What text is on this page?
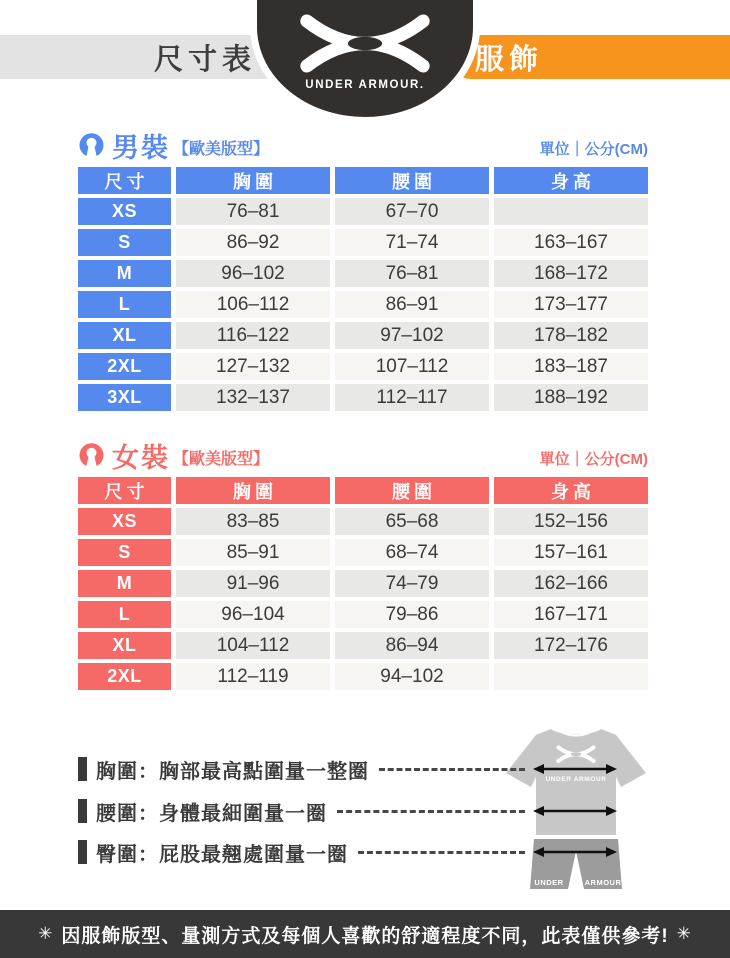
尺寸表	服飾
UNDER ARMOUR.
男裝 【歐美版型】	單位｜公分(CM)
尺寸	胸圍	腰圍	身高
XS	76–81	67–70
S	86–92	71–74	163–167
M	96–102	76–81	168–172
L	106–112	86–91	173–177
XL	116–122	97–102	178–182
2XL	127–132	107–112	183–187
3XL	132–137	112–117	188–192
女裝 【歐美版型】	單位｜公分(CM)
尺寸	胸圍	腰圍	身高
XS	83–85	65–68	152–156
S	85–91	68–74	157–161
M	91–96	74–79	162–166
L	96–104	79–86	167–171
XL	104–112	86–94	172–176
2XL	112–119	94–102
UNDER ARMOUR
UNDER	ARMOUR
胸圍：胸部最高點圍量一整圈
腰圍：身體最細圍量一圈
臀圍：屁股最翹處圍量一圈
✳ 因服飾版型、量測方式及每個人喜歡的舒適程度不同，此表僅供參考! ✳
